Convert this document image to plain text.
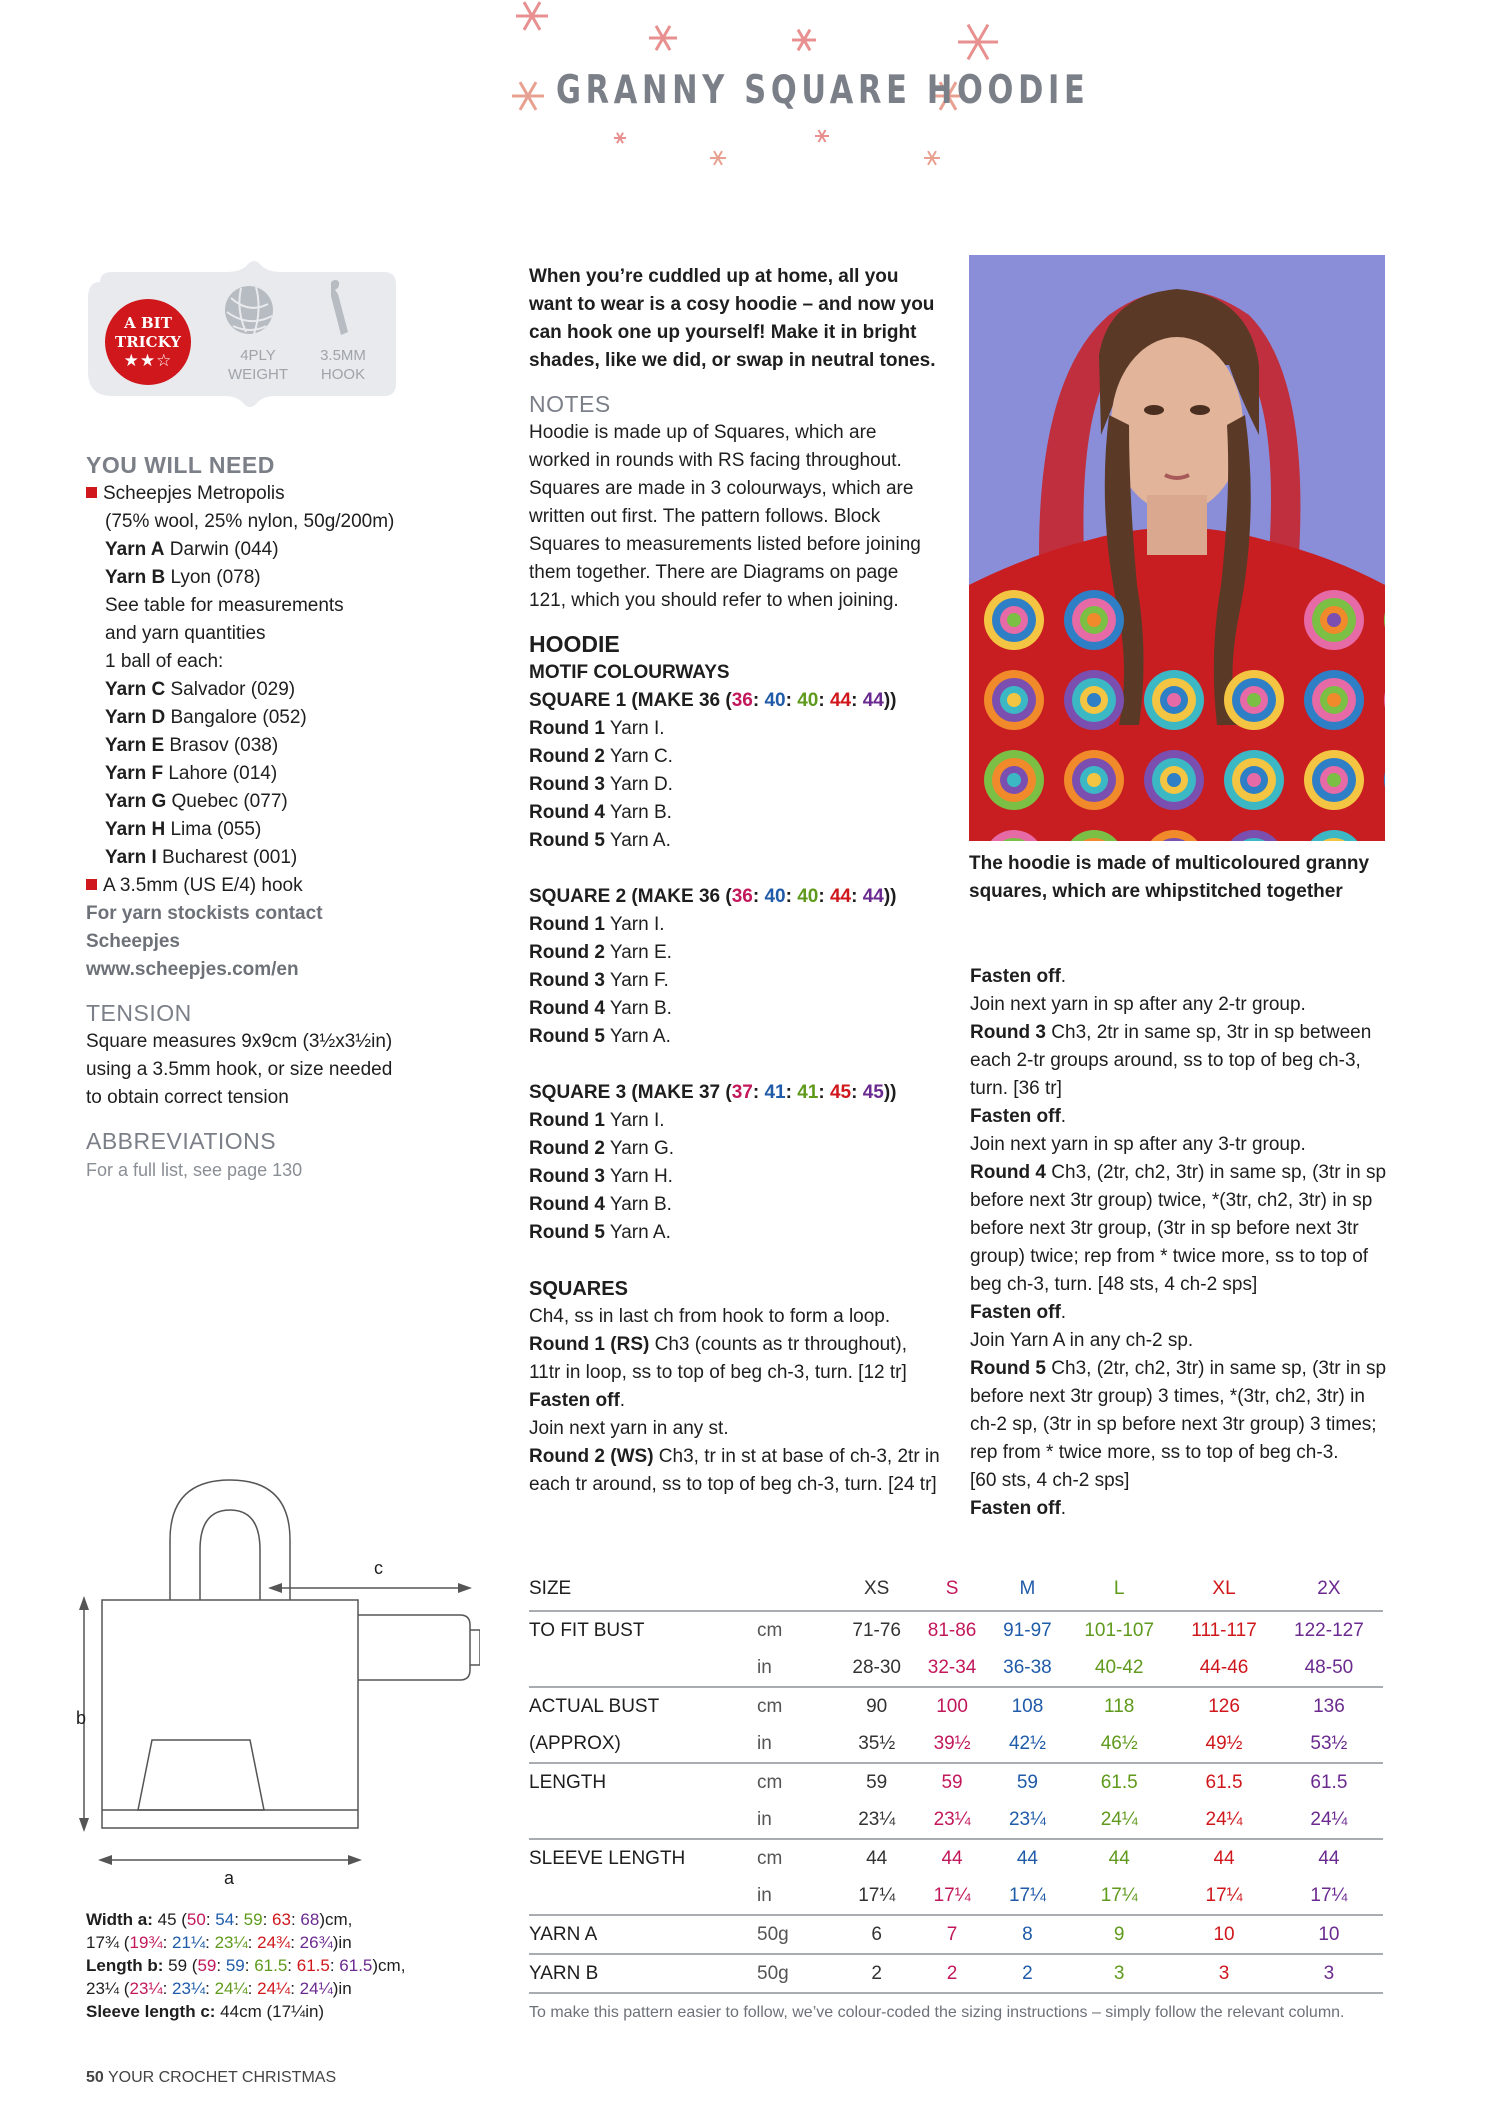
GRANNY SQUARE HOODIE
A BIT
TRICKY
★★☆	4PLY
WEIGHT
3.5MM
HOOK
YOU WILL NEED
Scheepjes Metropolis
(75% wool, 25% nylon, 50g/200m)
Yarn A Darwin (044)
Yarn B Lyon (078)
See table for measurements
and yarn quantities
1 ball of each:
Yarn C Salvador (029)
Yarn D Bangalore (052)
Yarn E Brasov (038)
Yarn F Lahore (014)
Yarn G Quebec (077)
Yarn H Lima (055)
Yarn I Bucharest (001)
A 3.5mm (US E/4) hook
For yarn stockists contact
Scheepjes
www.scheepjes.com/en
TENSION
Square measures 9x9cm (3½x3½in)
using a 3.5mm hook, or size needed
to obtain correct tension
ABBREVIATIONS
For a full list, see page 130
When you’re cuddled up at home, all you
want to wear is a cosy hoodie – and now you
can hook one up yourself! Make it in bright
shades, like we did, or swap in neutral tones.
NOTES
Hoodie is made up of Squares, which are
worked in rounds with RS facing throughout.
Squares are made in 3 colourways, which are
written out first. The pattern follows. Block
Squares to measurements listed before joining
them together. There are Diagrams on page
121, which you should refer to when joining.
HOODIE
MOTIF COLOURWAYS
SQUARE 1 (MAKE 36 (36: 40: 40: 44: 44))
Round 1 Yarn I.
Round 2 Yarn C.
Round 3 Yarn D.
Round 4 Yarn B.
Round 5 Yarn A.
SQUARE 2 (MAKE 36 (36: 40: 40: 44: 44))
Round 1 Yarn I.
Round 2 Yarn E.
Round 3 Yarn F.
Round 4 Yarn B.
Round 5 Yarn A.
SQUARE 3 (MAKE 37 (37: 41: 41: 45: 45))
Round 1 Yarn I.
Round 2 Yarn G.
Round 3 Yarn H.
Round 4 Yarn B.
Round 5 Yarn A.
SQUARES
Ch4, ss in last ch from hook to form a loop.
Round 1 (RS) Ch3 (counts as tr throughout),
11tr in loop, ss to top of beg ch-3, turn. [12 tr]
Fasten off.
Join next yarn in any st.
Round 2 (WS) Ch3, tr in st at base of ch-3, 2tr in
each tr around, ss to top of beg ch-3, turn. [24 tr]
The hoodie is made of multicoloured granny
squares, which are whipstitched together
Fasten off.
Join next yarn in sp after any 2-tr group.
Round 3 Ch3, 2tr in same sp, 3tr in sp between
each 2-tr groups around, ss to top of beg ch-3,
turn. [36 tr]
Fasten off.
Join next yarn in sp after any 3-tr group.
Round 4 Ch3, (2tr, ch2, 3tr) in same sp, (3tr in sp
before next 3tr group) twice, *(3tr, ch2, 3tr) in sp
before next 3tr group, (3tr in sp before next 3tr
group) twice; rep from * twice more, ss to top of
beg ch-3, turn. [48 sts, 4 ch-2 sps]
Fasten off.
Join Yarn A in any ch-2 sp.
Round 5 Ch3, (2tr, ch2, 3tr) in same sp, (3tr in sp
before next 3tr group) 3 times, *(3tr, ch2, 3tr) in
ch-2 sp, (3tr in sp before next 3tr group) 3 times;
rep from * twice more, ss to top of beg ch-3.
[60 sts, 4 ch-2 sps]
Fasten off.
b
a
c
Width a: 45 (50: 54: 59: 63: 68)cm,
17¾ (19¾: 21¼: 23¼: 24¾: 26¾)in
Length b: 59 (59: 59: 61.5: 61.5: 61.5)cm,
23¼ (23¼: 23¼: 24¼: 24¼: 24¼)in
Sleeve length c: 44cm (17¼in)
SIZE		XS	S	M	L	XL	2X
TO FIT BUST	cm	71-76	81-86	91-97	101-107	111-117	122-127
	in	28-30	32-34	36-38	40-42	44-46	48-50
ACTUAL BUST	cm	90	100	108	118	126	136
(APPROX)	in	35½	39½	42½	46½	49½	53½
LENGTH	cm	59	59	59	61.5	61.5	61.5
	in	23¼	23¼	23¼	24¼	24¼	24¼
SLEEVE LENGTH	cm	44	44	44	44	44	44
	in	17¼	17¼	17¼	17¼	17¼	17¼
YARN A	50g	6	7	8	9	10	10
YARN B	50g	2	2	2	3	3	3
To make this pattern easier to follow, we’ve colour-coded the sizing instructions – simply follow the relevant column.
50 YOUR CROCHET CHRISTMAS
